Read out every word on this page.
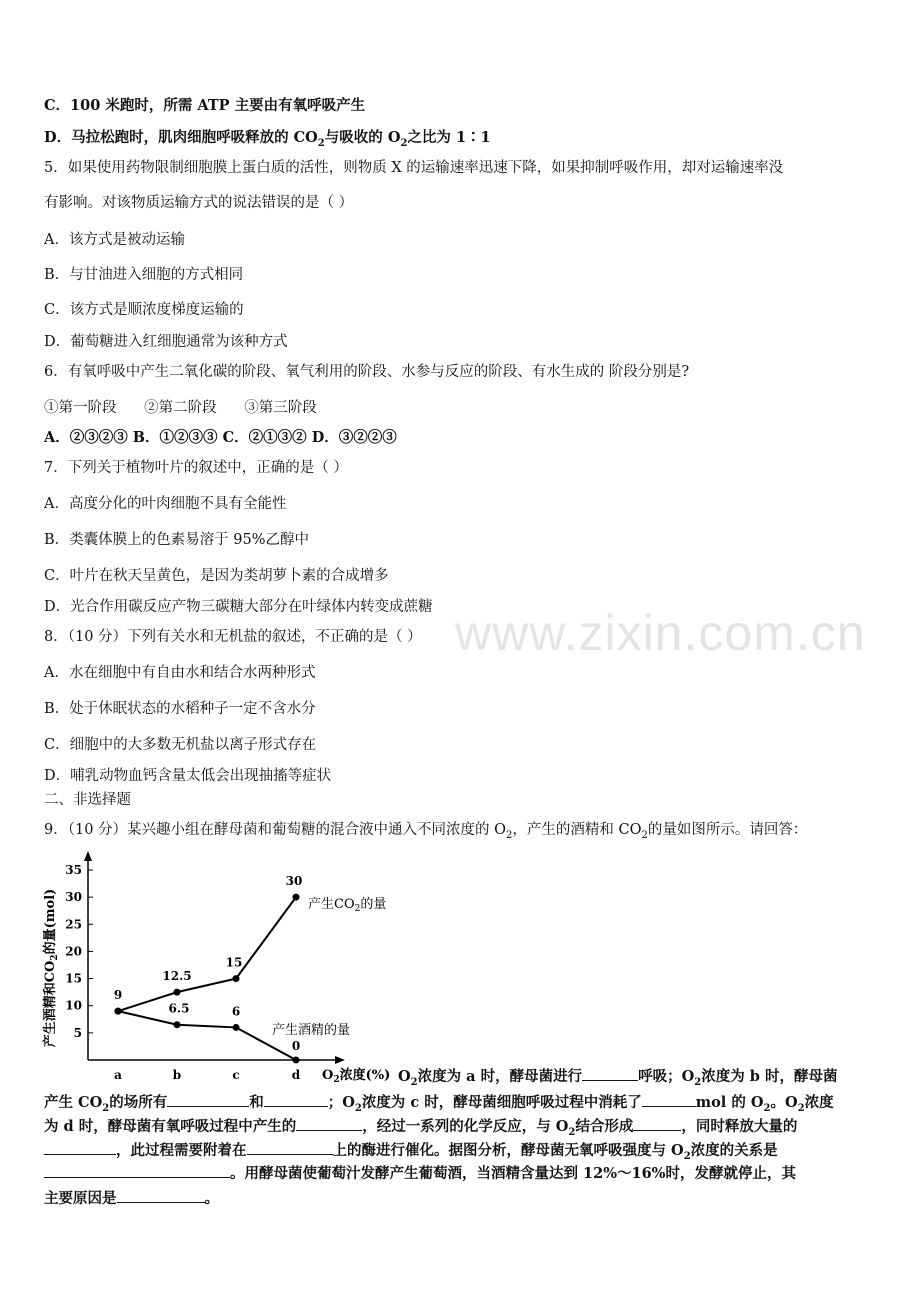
www.zixin.com.cn
C．100 米跑时，所需 ATP 主要由有氧呼吸产生
D．马拉松跑时，肌肉细胞呼吸释放的 $CO_2$与吸收的 $O_2$之比为 1∶1
5．如果使用药物限制细胞膜上蛋白质的活性，则物质 X 的运输速率迅速下降，如果抑制呼吸作用，却对运输速率没
有影响。对该物质运输方式的说法错误的是（ ）
A．该方式是被动运输
B．与甘油进入细胞的方式相同
C．该方式是顺浓度梯度运输的
D．葡萄糖进入红细胞通常为该种方式
6．有氧呼吸中产生二氧化碳的阶段、氧气利用的阶段、水参与反应的阶段、有水生成的 阶段分别是?
①第一阶段      ②第二阶段      ③第三阶段
A．②③②③ B．①②③③ C．②①③② D．③②②③
7．下列关于植物叶片的叙述中，正确的是（ ）
A．高度分化的叶肉细胞不具有全能性
B．类囊体膜上的色素易溶于 95%乙醇中
C．叶片在秋天呈黄色，是因为类胡萝卜素的合成增多
D．光合作用碳反应产物三碳糖大部分在叶绿体内转变成蔗糖
8．（10 分）下列有关水和无机盐的叙述，不正确的是（ ）
A．水在细胞中有自由水和结合水两种形式
B．处于休眠状态的水稻种子一定不含水分
C．细胞中的大多数无机盐以离子形式存在
D．哺乳动物血钙含量太低会出现抽搐等症状
二、非选择题
9．（10 分）某兴趣小组在酵母菌和葡萄糖的混合液中通入不同浓度的 $O_2$，产生的酒精和 $CO_2$的量如图所示。请回答：
产生酒精和$CO_2$的量(mol)
5
10
15
20
25
30
35
a	b	c	d
9
12.5
15
30
6.5	6
0
产生$CO_2$的量
产生酒精的量
$O_2$浓度(%) $O_2$浓度为 a 时，酵母菌进行	呼吸；$O_2$浓度为 b 时，酵母菌
产生 $CO_2$的场所有	和	；$O_2$浓度为 c 时，酵母菌细胞呼吸过程中消耗了	mol 的 $O_2$。$O_2$浓度
为 d 时，酵母菌有氧呼吸过程中产生的	，经过一系列的化学反应，与 $O_2$结合形成	，同时释放大量的
，此过程需要附着在	上的酶进行催化。据图分析，酵母菌无氧呼吸强度与 $O_2$浓度的关系是
。用酵母菌使葡萄汁发酵产生葡萄酒，当酒精含量达到 12%～16%时，发酵就停止，其
主要原因是	。
